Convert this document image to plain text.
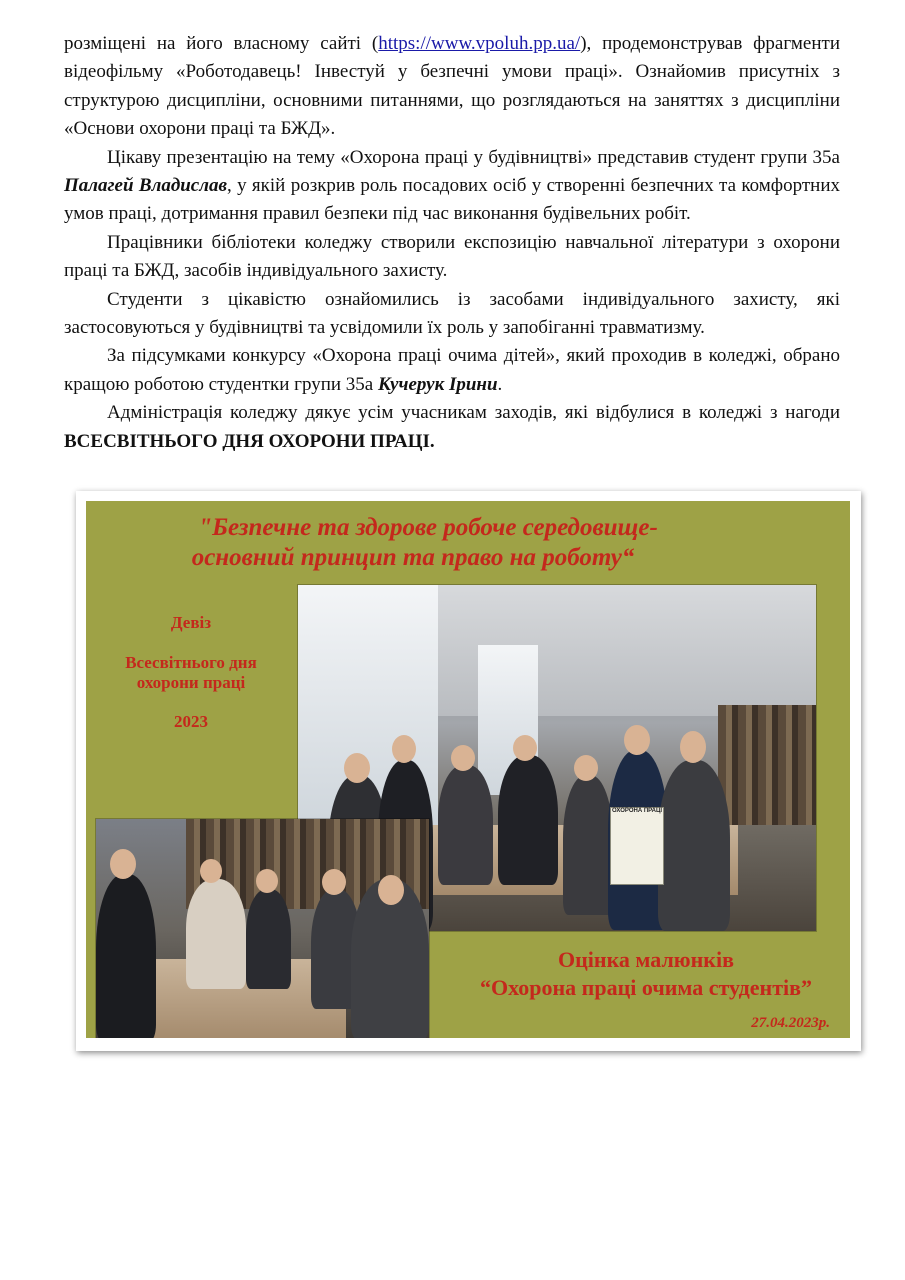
розміщені на його власному сайті (https://www.vpoluh.pp.ua/), продемонстрував фрагменти відеофільму «Роботодавець! Інвестуй у безпечні умови праці». Ознайомив присутніх з структурою дисципліни, основними питаннями, що розглядаються на заняттях з дисципліни «Основи охорони праці та БЖД».

Цікаву презентацію на тему «Охорона праці у будівництві» представив студент групи 35а Палагей Владислав, у якій розкрив роль посадових осіб у створенні безпечних та комфортних умов праці, дотримання правил безпеки під час виконання будівельних робіт.

Працівники бібліотеки коледжу створили експозицію навчальної літератури з охорони праці та БЖД, засобів індивідуального захисту.

Студенти з цікавістю ознайомились із засобами індивідуального захисту, які застосовуються у будівництві та усвідомили їх роль у запобіганні травматизму.

За підсумками конкурсу «Охорона праці очима дітей», який проходив в коледжі, обрано кращою роботою студентки групи 35а Кучерук Ірини.

Адміністрація коледжу дякує усім учасникам заходів, які відбулися в коледжі з нагоди ВСЕСВІТНЬОГО ДНЯ ОХОРОНИ ПРАЦІ.

"Безпечне та здорове робоче середовище-
основний принцип та право на роботу“
Девіз
Всесвітнього дня
охорони праці
2023
ОХОРОНА ПРАЦІ
Оцінка малюнків
“Охорона праці очима студентів”
27.04.2023р.
